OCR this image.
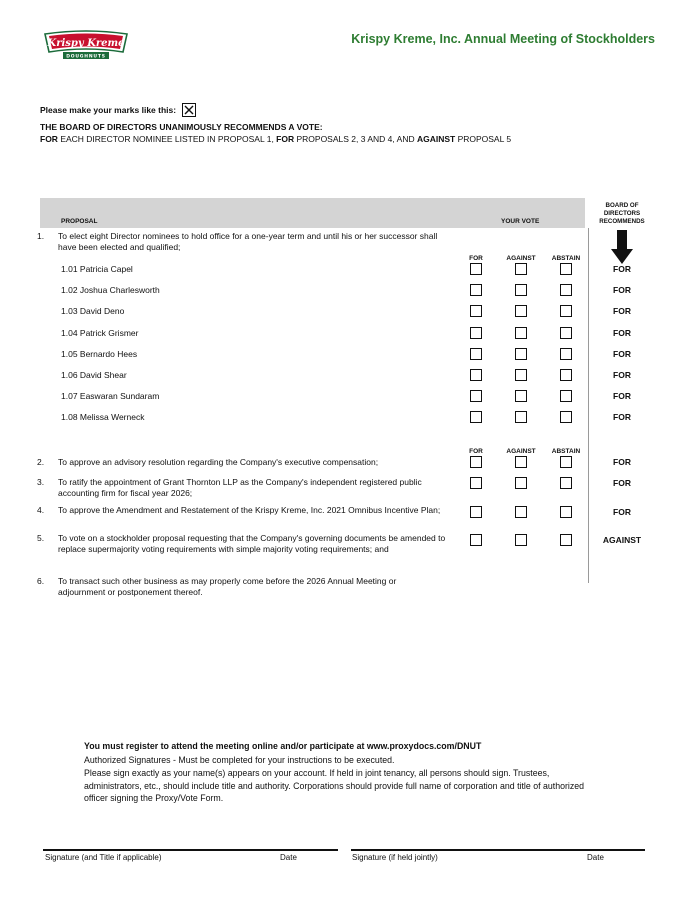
Krispy Kreme
DOUGHNUTS
Krispy Kreme, Inc. Annual Meeting of Stockholders
Please make your marks like this:
THE BOARD OF DIRECTORS UNANIMOUSLY RECOMMENDS A VOTE:
FOR EACH DIRECTOR NOMINEE LISTED IN PROPOSAL 1, FOR PROPOSALS 2, 3 AND 4, AND AGAINST PROPOSAL 5
PROPOSAL	YOUR VOTE
BOARD OF DIRECTORS RECOMMENDS
1. To elect eight Director nominees to hold office for a one-year term and until his or her successor shall have been elected and qualified;
FOR	AGAINST	ABSTAIN
1.01 Patricia Capel	FOR
1.02 Joshua Charlesworth	FOR
1.03 David Deno	FOR
1.04 Patrick Grismer	FOR
1.05 Bernardo Hees	FOR
1.06 David Shear	FOR
1.07 Easwaran Sundaram	FOR
1.08 Melissa Werneck	FOR
FOR	AGAINST	ABSTAIN
2. To approve an advisory resolution regarding the Company's executive compensation;	FOR
3. To ratify the appointment of Grant Thornton LLP as the Company's independent registered public accounting firm for fiscal year 2026;
FOR
4. To approve the Amendment and Restatement of the Krispy Kreme, Inc. 2021 Omnibus Incentive Plan;	FOR
5. To vote on a stockholder proposal requesting that the Company's governing documents be amended to replace supermajority voting requirements with simple majority voting requirements; and
AGAINST
6. To transact such other business as may properly come before the 2026 Annual Meeting or adjournment or postponement thereof.
You must register to attend the meeting online and/or participate at www.proxydocs.com/DNUT
Authorized Signatures - Must be completed for your instructions to be executed.
Please sign exactly as your name(s) appears on your account. If held in joint tenancy, all persons should sign. Trustees, administrators, etc., should include title and authority. Corporations should provide full name of corporation and title of authorized officer signing the Proxy/Vote Form.
Signature (and Title if applicable)	Date	Signature (if held jointly)	Date
